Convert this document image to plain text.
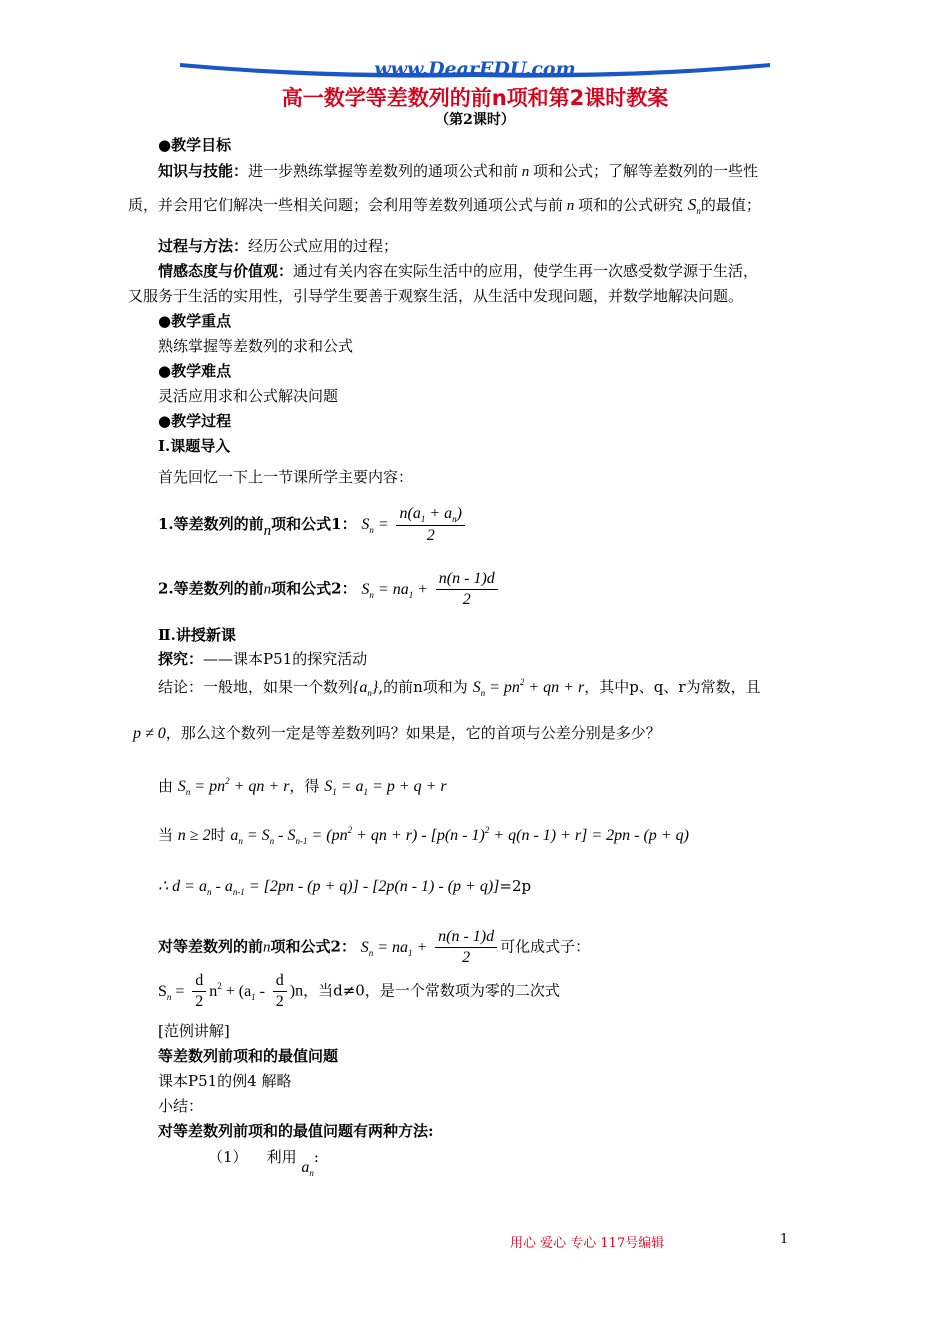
www.DearEDU.com
高一数学等差数列的前n项和第2课时教案
（第2课时）
●教学目标
知识与技能：进一步熟练掌握等差数列的通项公式和前 n 项和公式；了解等差数列的一些性
质，并会用它们解决一些相关问题；会利用等差数列通项公式与前 n 项和的公式研究 $S_n$的最值；
过程与方法：经历公式应用的过程；
情感态度与价值观：通过有关内容在实际生活中的应用，使学生再一次感受数学源于生活，
又服务于生活的实用性，引导学生要善于观察生活，从生活中发现问题，并数学地解决问题。
●教学重点
熟练掌握等差数列的求和公式
●教学难点
灵活应用求和公式解决问题
●教学过程
Ⅰ.课题导入
首先回忆一下上一节课所学主要内容：
1.等差数列的前n项和公式1： $S_n = \frac{n(a_1 + a_n)}{2}$
2.等差数列的前n项和公式2： $S_n = na_1 + \frac{n(n - 1)d}{2}$
Ⅱ.讲授新课
探究：——课本P51的探究活动
结论：一般地，如果一个数列$\{a_n\}$,的前n项和为 $S_n = pn^2$ + qn + r，其中p、q、r为常数，且
p ≠ 0，那么这个数列一定是等差数列吗？如果是，它的首项与公差分别是多少？
由 $S_n = pn^2$ + qn + r，得 $S_1 = a_1 = p + q + r$
当 n ≥ 2时 $a_n = S_n - S_{n-1} = (pn^2$ + qn + r) - [p(n - 1)$^2$ + q(n - 1) + r] = 2pn - (p + q)
∴ $d = a_n - a_{n-1} = [2pn - (p + q)] - [2p(n - 1) - (p + q)]=2p$
对等差数列的前n项和公式2： $S_n = na_1 + \frac{n(n - 1)d}{2}$ 可化成式子：
$S_n = \frac{d}{2} n^2 + (a_1 - \frac{d}{2} )n$，当d≠0，是一个常数项为零的二次式
[范例讲解]
等差数列前项和的最值问题
课本P51的例4 解略
小结：
对等差数列前项和的最值问题有两种方法:
（1） 利用 $a_n$:
用心 爱心 专心 117号编辑	1
